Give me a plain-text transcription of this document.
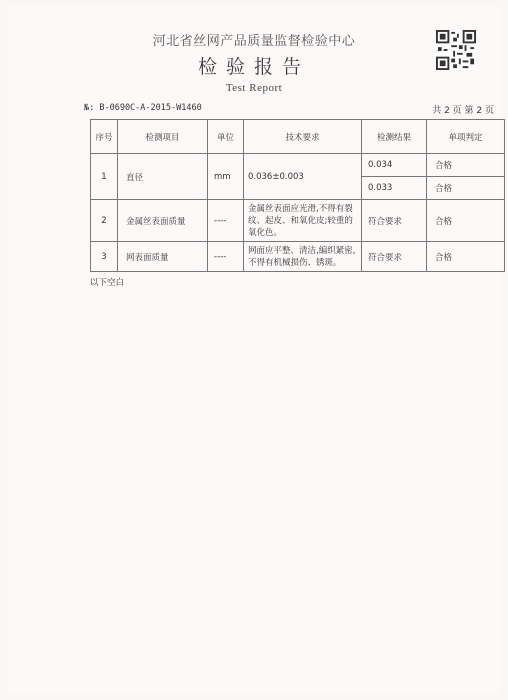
河北省丝网产品质量监督检验中心
检验报告
Test Report
№: B-0690C-A-2015-W1460	共 2 页 第 2 页
序号	检测项目	单位	技术要求	检测结果	单项判定
1	直径	mm	0.036±0.003	0.034	合格
				0.033	合格
2	金属丝表面质量	----	金属丝表面应光滑,不得有裂纹、起皮、和氧化皮;较重的氧化色。	符合要求	合格
3	网表面质量	----	网面应平整、清洁,编织紧密,不得有机械损伤、锈斑。	符合要求	合格
以下空白
